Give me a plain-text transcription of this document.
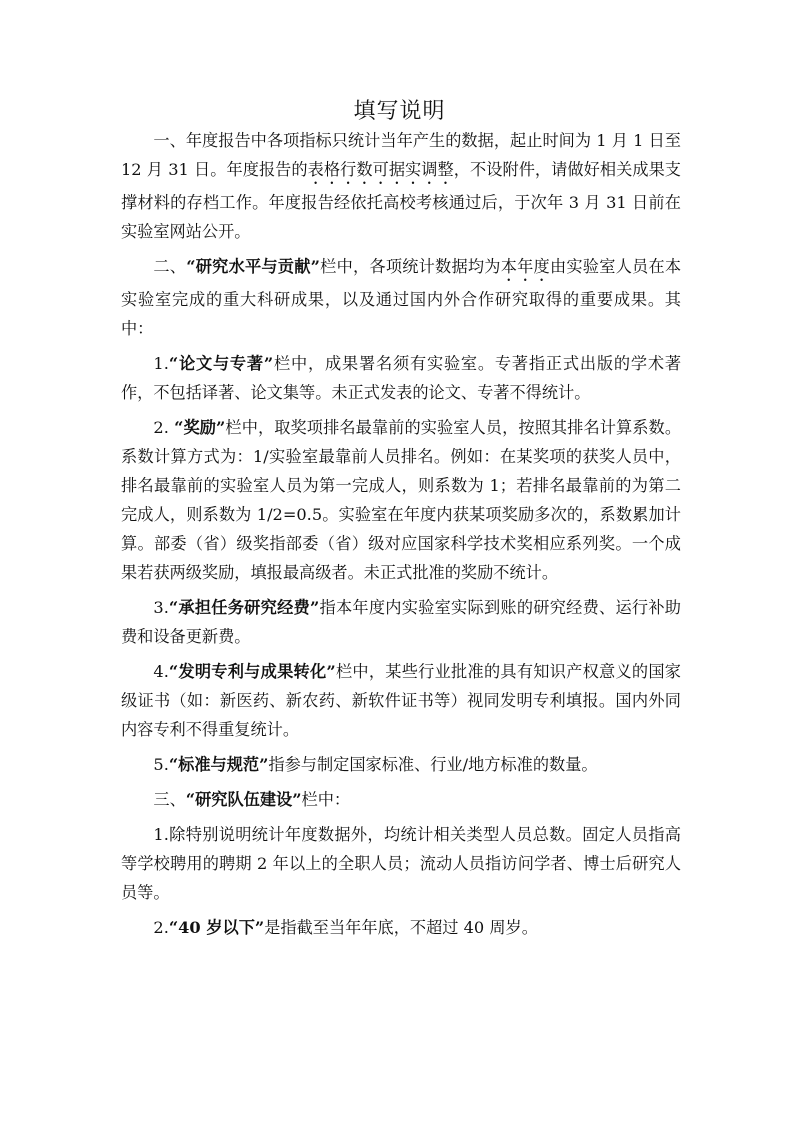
填写说明

一、年度报告中各项指标只统计当年产生的数据，起止时间为 1 月 1 日至 12 月 31 日。年度报告的表格行数可据实调整，不设附件，请做好相关成果支撑材料的存档工作。年度报告经依托高校考核通过后，于次年 3 月 31 日前在实验室网站公开。

二、“研究水平与贡献”栏中，各项统计数据均为本年度由实验室人员在本实验室完成的重大科研成果，以及通过国内外合作研究取得的重要成果。其中：

1.“论文与专著”栏中，成果署名须有实验室。专著指正式出版的学术著作，不包括译著、论文集等。未正式发表的论文、专著不得统计。

2. “奖励”栏中，取奖项排名最靠前的实验室人员，按照其排名计算系数。系数计算方式为：1/实验室最靠前人员排名。例如：在某奖项的获奖人员中，排名最靠前的实验室人员为第一完成人，则系数为 1；若排名最靠前的为第二完成人，则系数为 1/2=0.5。实验室在年度内获某项奖励多次的，系数累加计算。部委（省）级奖指部委（省）级对应国家科学技术奖相应系列奖。一个成果若获两级奖励，填报最高级者。未正式批准的奖励不统计。

3.“承担任务研究经费”指本年度内实验室实际到账的研究经费、运行补助费和设备更新费。

4.“发明专利与成果转化”栏中，某些行业批准的具有知识产权意义的国家级证书（如：新医药、新农药、新软件证书等）视同发明专利填报。国内外同内容专利不得重复统计。

5.“标准与规范”指参与制定国家标准、行业/地方标准的数量。

三、“研究队伍建设”栏中：

1.除特别说明统计年度数据外，均统计相关类型人员总数。固定人员指高等学校聘用的聘期 2 年以上的全职人员；流动人员指访问学者、博士后研究人员等。

2.“40 岁以下”是指截至当年年底，不超过 40 周岁。
